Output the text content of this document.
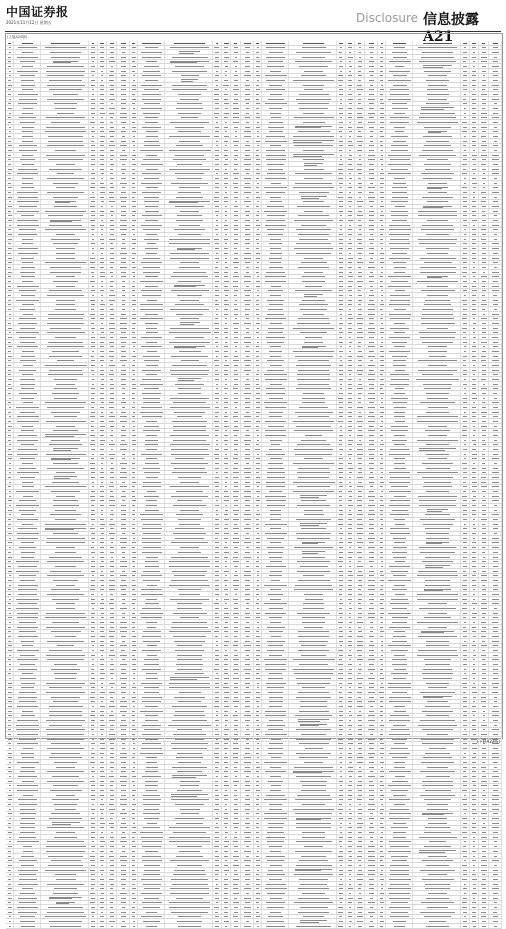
中国证券报
2021年11月12日 星期五	Disclosure 信息披露 A21
(上接A20版)
(下转A22版)
